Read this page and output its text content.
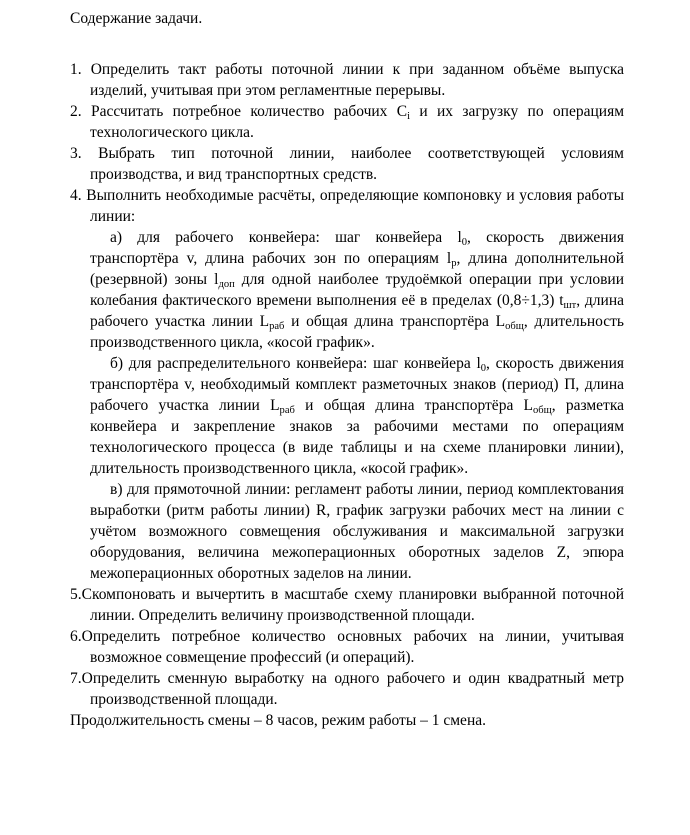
Содержание задачи.
1. Определить такт работы поточной линии к при заданном объёме выпуска изделий, учитывая при этом регламентные перерывы.
2. Рассчитать потребное количество рабочих $C_i$ и их загрузку по операциям технологического цикла.
3. Выбрать тип поточной линии, наиболее соответствующей условиям производства, и вид транспортных средств.
4. Выполнить необходимые расчёты, определяющие компоновку и условия работы линии:
а) для рабочего конвейера: шаг конвейера $l_0$, скорость движения транспортёра v, длина рабочих зон по операциям $l_р$, длина дополнительной (резервной) зоны $l_{доп}$ для одной наиболее трудоёмкой операции при условии колебания фактического времени выполнения её в пределах (0,8÷1,3) $t_{шт}$, длина рабочего участка линии $L_{раб}$ и общая длина транспортёра $L_{общ}$, длительность производственного цикла, «косой график».
б) для распределительного конвейера: шаг конвейера $l_0$, скорость движения транспортёра v, необходимый комплект разметочных знаков (период) П, длина рабочего участка линии $L_{раб}$ и общая длина транспортёра $L_{общ}$, разметка конвейера и закрепление знаков за рабочими местами по операциям технологического процесса (в виде таблицы и на схеме планировки линии), длительность производственного цикла, «косой график».
в) для прямоточной линии: регламент работы линии, период комплектования выработки (ритм работы линии) R, график загрузки рабочих мест на линии с учётом возможного совмещения обслуживания и максимальной загрузки оборудования, величина межоперационных оборотных заделов Z, эпюра межоперационных оборотных заделов на линии.
5.Скомпоновать и вычертить в масштабе схему планировки выбранной поточной линии. Определить величину производственной площади.
6.Определить потребное количество основных рабочих на линии, учитывая возможное совмещение профессий (и операций).
7.Определить сменную выработку на одного рабочего и один квадратный метр производственной площади.
Продолжительность смены – 8 часов, режим работы – 1 смена.
